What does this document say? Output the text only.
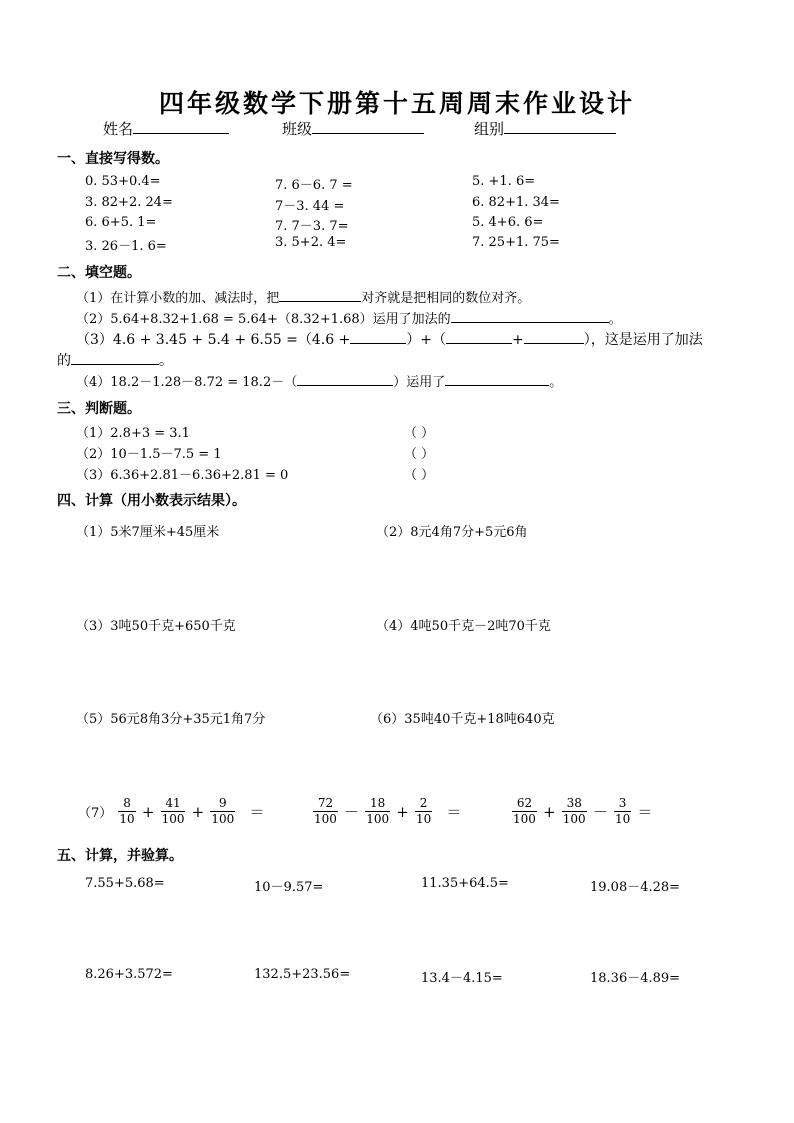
四年级数学下册第十五周周末作业设计
姓名	班级	组别
一、直接写得数。
0. 53+0.4=	7. 6－6. 7 =	5. +1. 6=
3. 82+2. 24=	7－3. 44 =	6. 82+1. 34=
6. 6+5. 1=	7. 7－3. 7=	5. 4+6. 6=
3. 26－1. 6=	3. 5+2. 4=	7. 25+1. 75=
二、填空题。
（1）在计算小数的加、减法时，把	对齐就是把相同的数位对齐。
（2）5.64+8.32+1.68 = 5.64+（8.32+1.68）运用了加法的	。
（3）4.6 + 3.45 + 5.4 + 6.55 =（4.6 +	）+（	+	），这是运用了加法
的	。
（4）18.2－1.28－8.72 = 18.2－（	）运用了	。
三、判断题。
（1）2.8+3 = 3.1	（ ）
（2）10－1.5－7.5 = 1	（ ）
（3）6.36+2.81－6.36+2.81 = 0	（ ）
四、计算（用小数表示结果）。
（1）5米7厘米+45厘米	（2）8元4角7分+5元6角
（3）3吨50千克+650千克	（4）4吨50千克－2吨70千克
（5）56元8角3分+35元1角7分	（6）35吨40千克+18吨640克
$(7) \frac{8}{10} + \frac{41}{100} + \frac{9}{100}$ ＝	$\frac{72}{100} - \frac{18}{100} + \frac{2}{10}$ ＝	$\frac{62}{100} + \frac{38}{100} - \frac{3}{10}$ ＝
五、计算，并验算。
7.55+5.68=	10－9.57=	11.35+64.5=	19.08－4.28=
8.26+3.572=	132.5+23.56=	13.4－4.15=	18.36－4.89=
